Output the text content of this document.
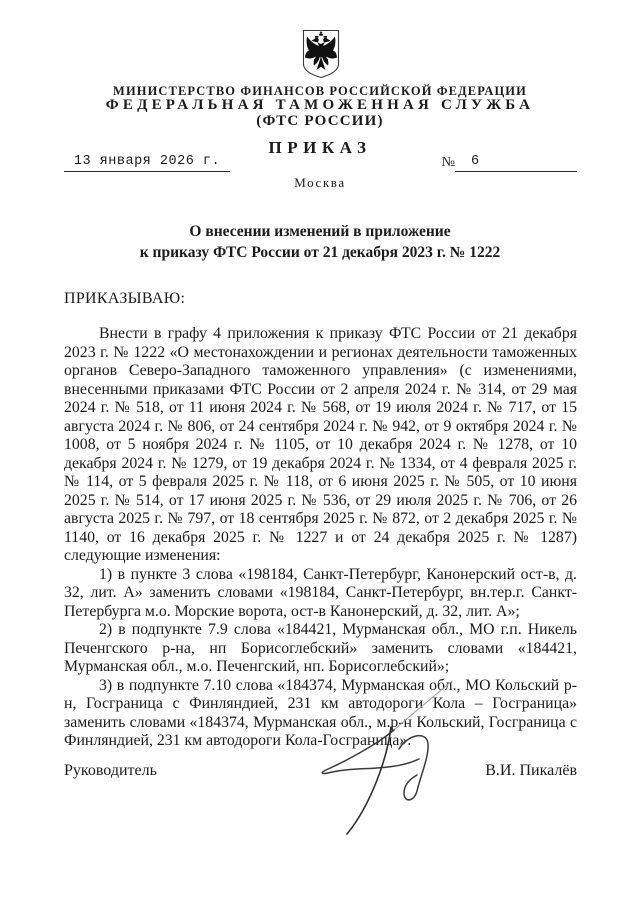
МИНИСТЕРСТВО ФИНАНСОВ РОССИЙСКОЙ ФЕДЕРАЦИИ
ФЕДЕРАЛЬНАЯ ТАМОЖЕННАЯ СЛУЖБА
(ФТС РОССИИ)
ПРИКАЗ
13 января 2026 г.	№	6
Москва
О внесении изменений в приложение
к приказу ФТС России от 21 декабря 2023 г. № 1222
ПРИКАЗЫВАЮ:

Внести в графу 4 приложения к приказу ФТС России от 21 декабря 2023 г. № 1222 «О местонахождении и регионах деятельности таможенных органов Северо-Западного таможенного управления» (с изменениями, внесенными приказами ФТС России от 2 апреля 2024 г. № 314, от 29 мая 2024 г. № 518, от 11 июня 2024 г. № 568, от 19 июля 2024 г. № 717, от 15 августа 2024 г. № 806, от 24 сентября 2024 г. № 942, от 9 октября 2024 г. № 1008, от 5 ноября 2024 г. № 1105, от 10 декабря 2024 г. № 1278, от 10 декабря 2024 г. № 1279, от 19 декабря 2024 г. № 1334, от 4 февраля 2025 г. № 114, от 5 февраля 2025 г. № 118, от 6 июня 2025 г. № 505, от 10 июня 2025 г. № 514, от 17 июня 2025 г. № 536, от 29 июля 2025 г. № 706, от 26 августа 2025 г. № 797, от 18 сентября 2025 г. № 872, от 2 декабря 2025 г. № 1140, от 16 декабря 2025 г. № 1227 и от 24 декабря 2025 г. № 1287) следующие изменения:

1) в пункте 3 слова «198184, Санкт-Петербург, Канонерский ост-в, д. 32, лит. А» заменить словами «198184, Санкт-Петербург, вн.тер.г. Санкт-Петербурга м.о. Морские ворота, ост-в Канонерский, д. 32, лит. А»;

2) в подпункте 7.9 слова «184421, Мурманская обл., МО г.п. Никель Печенгского р-на, нп Борисоглебский» заменить словами «184421, Мурманская обл., м.о. Печенгский, нп. Борисоглебский»;

3) в подпункте 7.10 слова «184374, Мурманская обл., МО Кольский р-н, Госграница с Финляндией, 231 км автодороги Кола – Госграница» заменить словами «184374, Мурманская обл., м.р-н Кольский, Госграница с Финляндией, 231 км автодороги Кола-Госграница».

Руководитель	В.И. Пикалёв
